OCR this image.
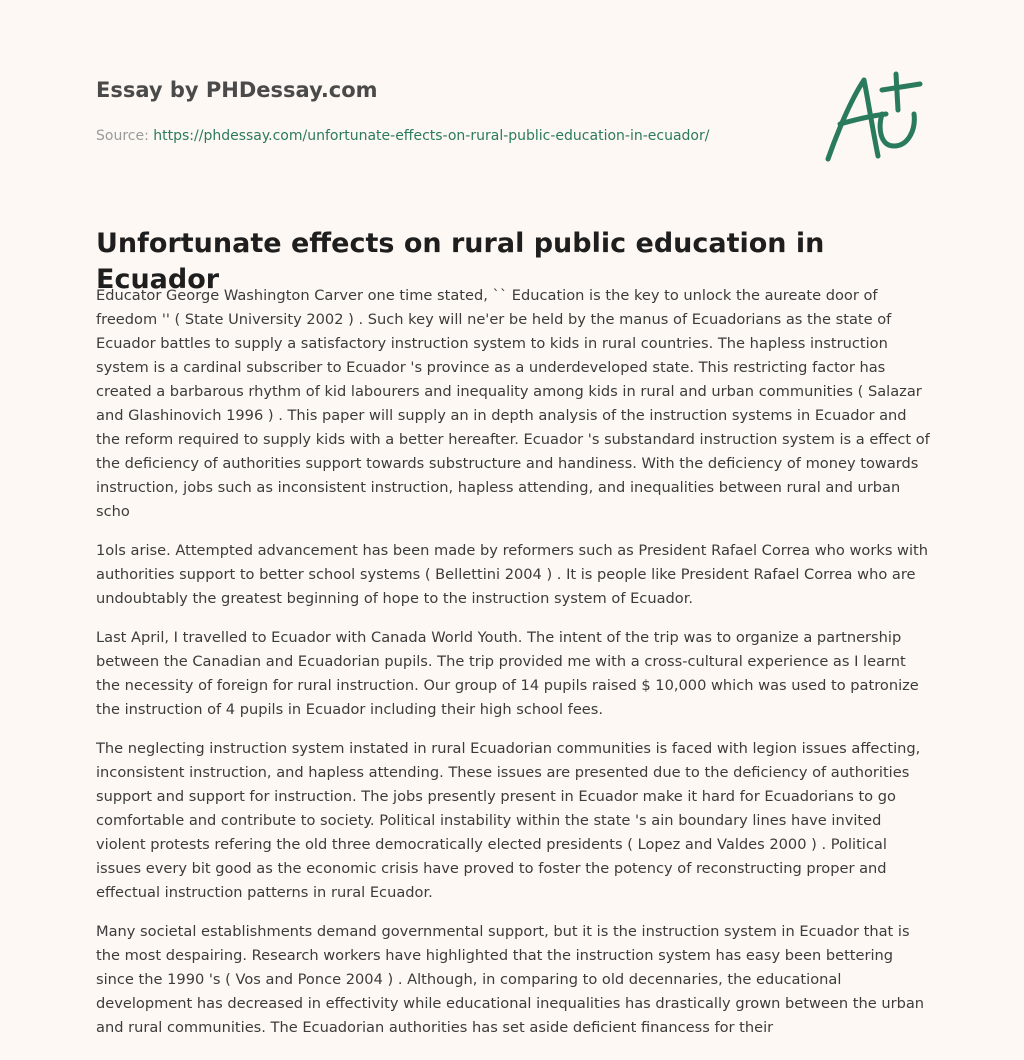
Essay by PHDessay.com
Source: https://phdessay.com/unfortunate-effects-on-rural-public-education-in-ecuador/
Unfortunate effects on rural public education in Ecuador

Educator George Washington Carver one time stated, `` Education is the key to unlock the aureate door of freedom '' ( State University 2002 ) . Such key will ne'er be held by the manus of Ecuadorians as the state of Ecuador battles to supply a satisfactory instruction system to kids in rural countries. The hapless instruction system is a cardinal subscriber to Ecuador 's province as a underdeveloped state. This restricting factor has created a barbarous rhythm of kid labourers and inequality among kids in rural and urban communities ( Salazar and Glashinovich 1996 ) . This paper will supply an in depth analysis of the instruction systems in Ecuador and the reform required to supply kids with a better hereafter. Ecuador 's substandard instruction system is a effect of the deficiency of authorities support towards substructure and handiness. With the deficiency of money towards instruction, jobs such as inconsistent instruction, hapless attending, and inequalities between rural and urban scho

1ols arise. Attempted advancement has been made by reformers such as President Rafael Correa who works with authorities support to better school systems ( Bellettini 2004 ) . It is people like President Rafael Correa who are undoubtably the greatest beginning of hope to the instruction system of Ecuador.

Last April, I travelled to Ecuador with Canada World Youth. The intent of the trip was to organize a partnership between the Canadian and Ecuadorian pupils. The trip provided me with a cross-cultural experience as I learnt the necessity of foreign for rural instruction. Our group of 14 pupils raised $ 10,000 which was used to patronize the instruction of 4 pupils in Ecuador including their high school fees.

The neglecting instruction system instated in rural Ecuadorian communities is faced with legion issues affecting, inconsistent instruction, and hapless attending. These issues are presented due to the deficiency of authorities support and support for instruction. The jobs presently present in Ecuador make it hard for Ecuadorians to go comfortable and contribute to society. Political instability within the state 's ain boundary lines have invited violent protests refering the old three democratically elected presidents ( Lopez and Valdes 2000 ) . Political issues every bit good as the economic crisis have proved to foster the potency of reconstructing proper and effectual instruction patterns in rural Ecuador.

Many societal establishments demand governmental support, but it is the instruction system in Ecuador that is the most despairing. Research workers have highlighted that the instruction system has easy been bettering since the 1990 's ( Vos and Ponce 2004 ) . Although, in comparing to old decennaries, the educational development has decreased in effectivity while educational inequalities has drastically grown between the urban and rural communities. The Ecuadorian authorities has set aside deficient financess for their
